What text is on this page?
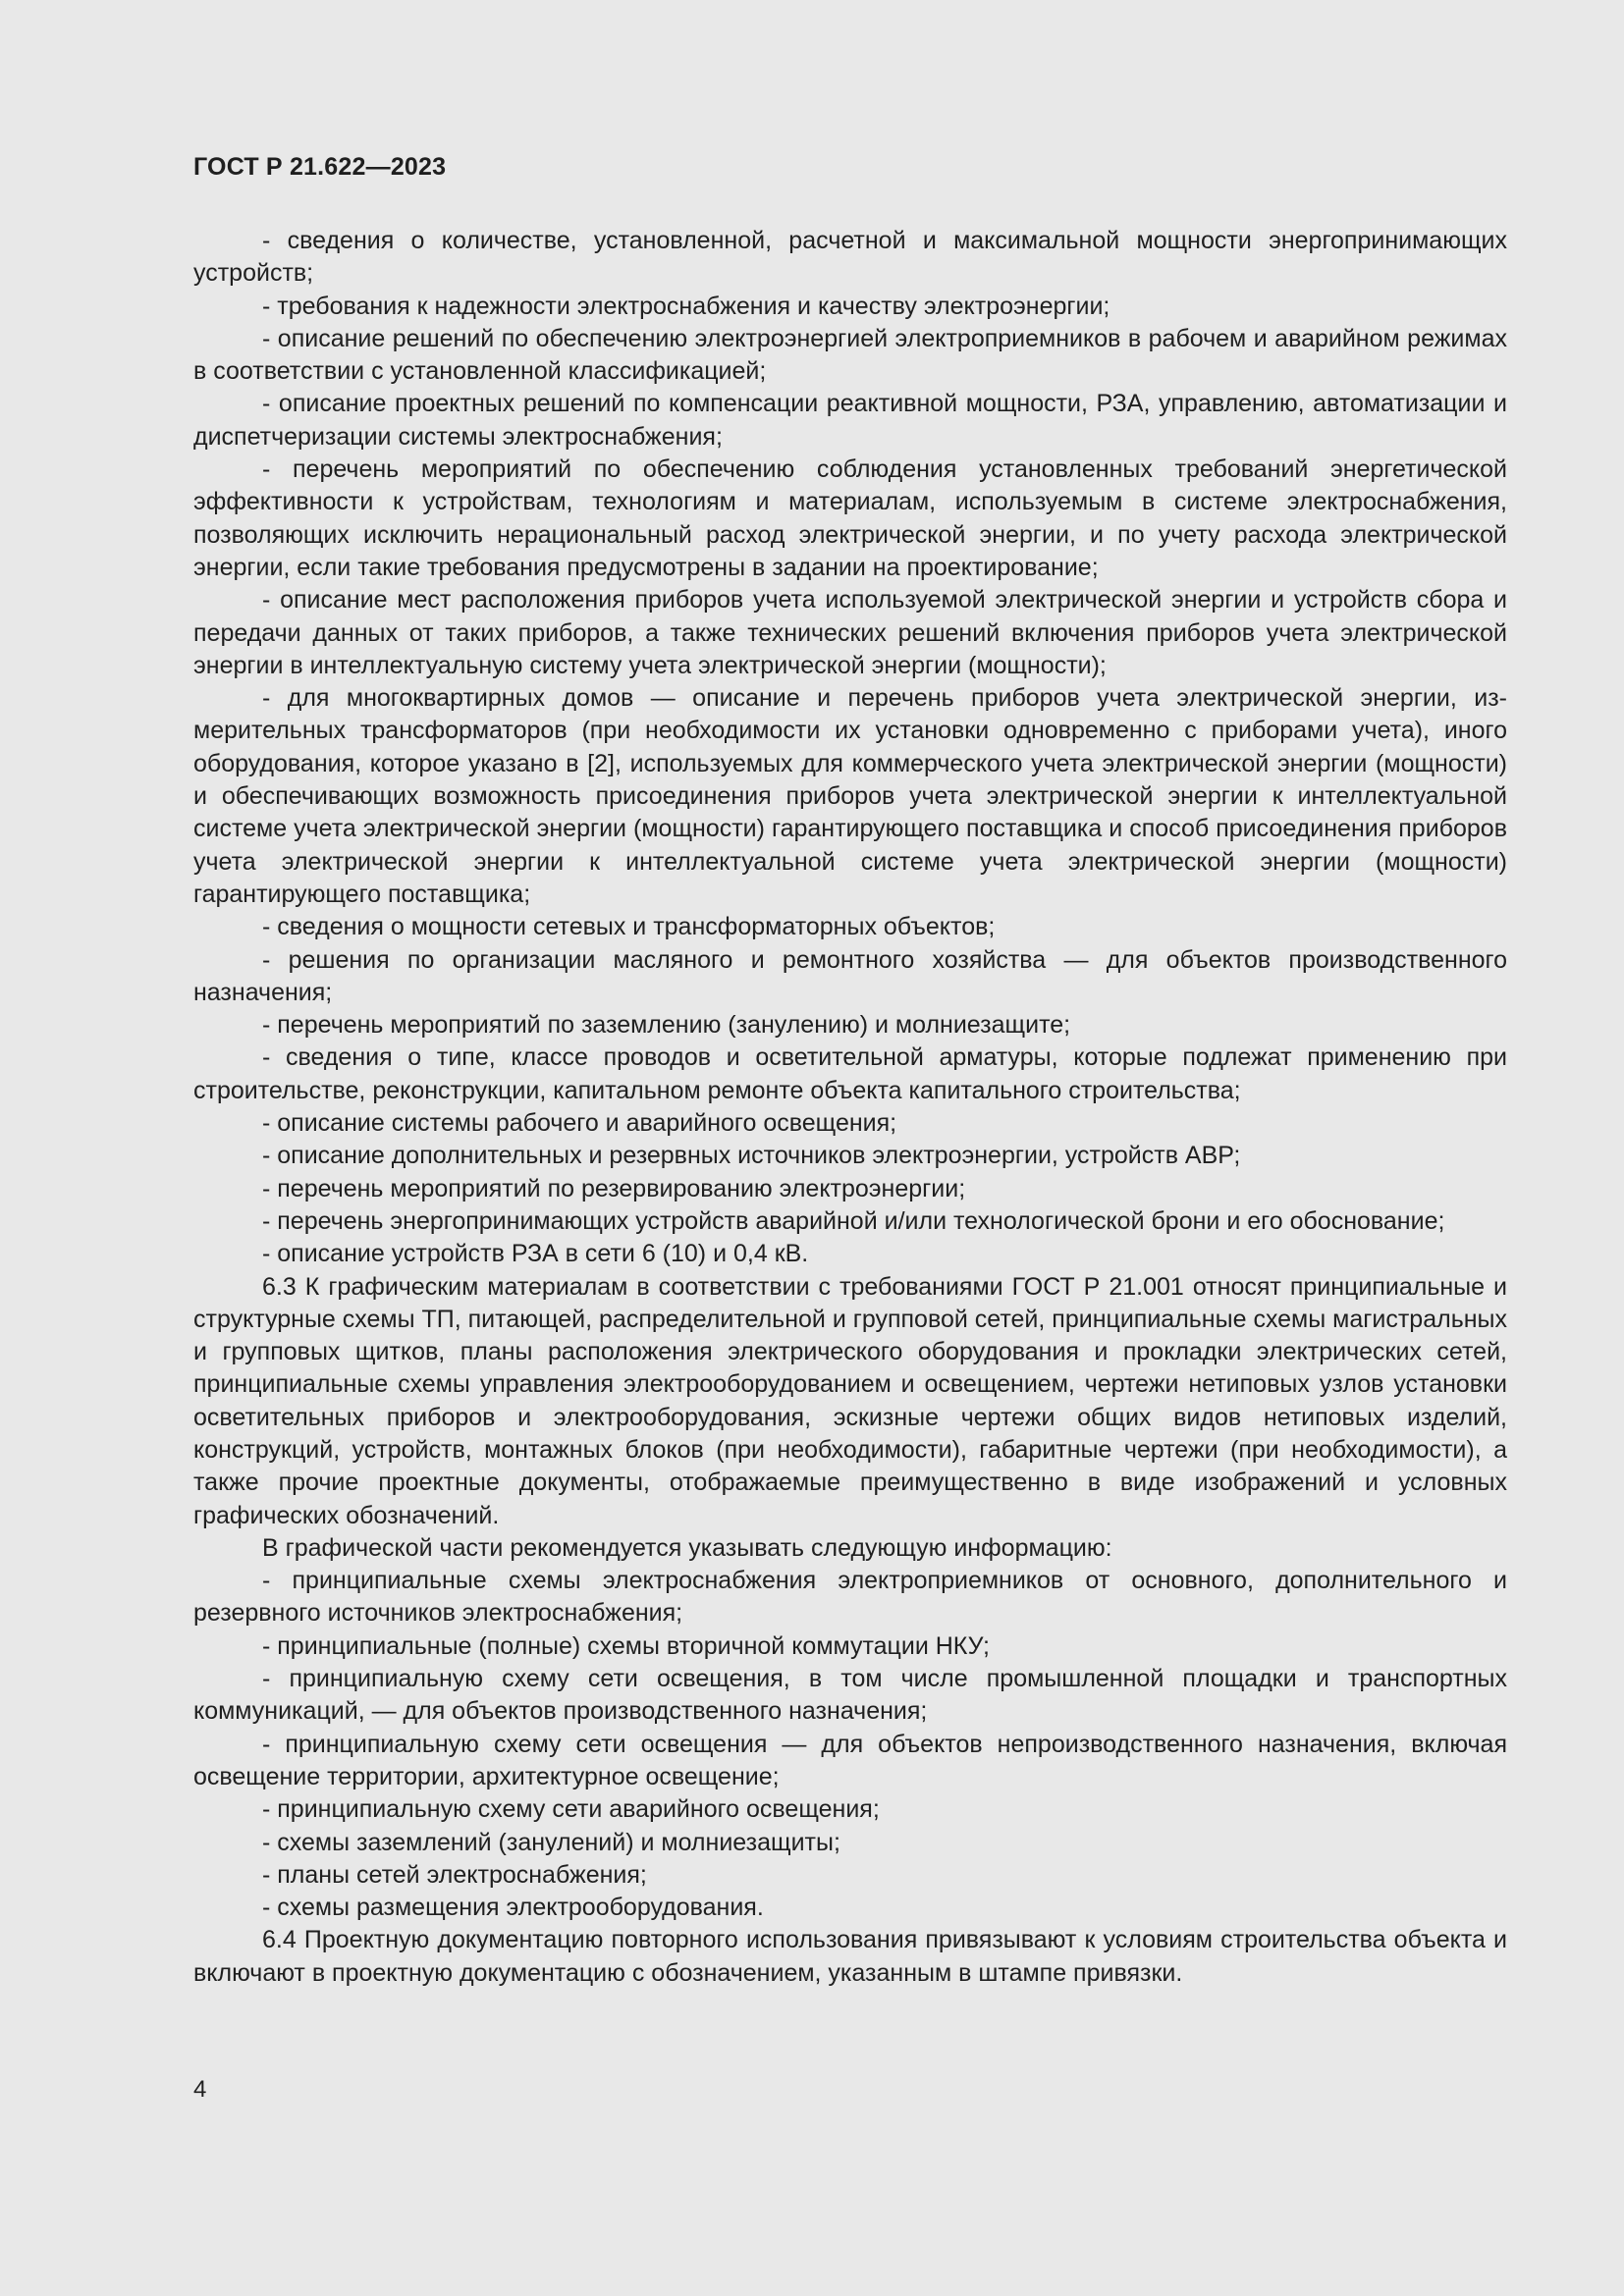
ГОСТ Р 21.622—2023

- сведения о количестве, установленной, расчетной и максимальной мощности энергопринимающих устройств;

- требования к надежности электроснабжения и качеству электроэнергии;

- описание решений по обеспечению электроэнергией электроприемников в рабочем и аварийном режимах в соответствии с установленной классификацией;

- описание проектных решений по компенсации реактивной мощности, РЗА, управлению, автоматизации и диспетчеризации системы электроснабжения;

- перечень мероприятий по обеспечению соблюдения установленных требований энергетической эффективности к устройствам, технологиям и материалам, используемым в системе электроснабжения, позволяющих исключить нерациональный расход электрической энергии, и по учету расхода электрической энергии, если такие требования предусмотрены в задании на проектирование;

- описание мест расположения приборов учета используемой электрической энергии и устройств сбора и передачи данных от таких приборов, а также технических решений включения приборов учета электрической энергии в интеллектуальную систему учета электрической энергии (мощности);

- для многоквартирных домов — описание и перечень приборов учета электрической энергии, измерительных трансформаторов (при необходимости их установки одновременно с приборами учета), иного оборудования, которое указано в [2], используемых для коммерческого учета электрической энергии (мощности) и обеспечивающих возможность присоединения приборов учета электрической энергии к интеллектуальной системе учета электрической энергии (мощности) гарантирующего поставщика и способ присоединения приборов учета электрической энергии к интеллектуальной системе учета электрической энергии (мощности) гарантирующего поставщика;

- сведения о мощности сетевых и трансформаторных объектов;

- решения по организации масляного и ремонтного хозяйства — для объектов производственного назначения;

- перечень мероприятий по заземлению (занулению) и молниезащите;

- сведения о типе, классе проводов и осветительной арматуры, которые подлежат применению при строительстве, реконструкции, капитальном ремонте объекта капитального строительства;

- описание системы рабочего и аварийного освещения;

- описание дополнительных и резервных источников электроэнергии, устройств АВР;

- перечень мероприятий по резервированию электроэнергии;

- перечень энергопринимающих устройств аварийной и/или технологической брони и его обоснование;

- описание устройств РЗА в сети 6 (10) и 0,4 кВ.

6.3 К графическим материалам в соответствии с требованиями ГОСТ Р 21.001 относят принципиальные и структурные схемы ТП, питающей, распределительной и групповой сетей, принципиальные схемы магистральных и групповых щитков, планы расположения электрического оборудования и прокладки электрических сетей, принципиальные схемы управления электрооборудованием и освещением, чертежи нетиповых узлов установки осветительных приборов и электрооборудования, эскизные чертежи общих видов нетиповых изделий, конструкций, устройств, монтажных блоков (при необходимости), габаритные чертежи (при необходимости), а также прочие проектные документы, отображаемые преимущественно в виде изображений и условных графических обозначений.

В графической части рекомендуется указывать следующую информацию:

- принципиальные схемы электроснабжения электроприемников от основного, дополнительного и резервного источников электроснабжения;

- принципиальные (полные) схемы вторичной коммутации НКУ;

- принципиальную схему сети освещения, в том числе промышленной площадки и транспортных коммуникаций, — для объектов производственного назначения;

- принципиальную схему сети освещения — для объектов непроизводственного назначения, включая освещение территории, архитектурное освещение;

- принципиальную схему сети аварийного освещения;

- схемы заземлений (занулений) и молниезащиты;

- планы сетей электроснабжения;

- схемы размещения электрооборудования.

6.4 Проектную документацию повторного использования привязывают к условиям строительства объекта и включают в проектную документацию с обозначением, указанным в штампе привязки.

4
